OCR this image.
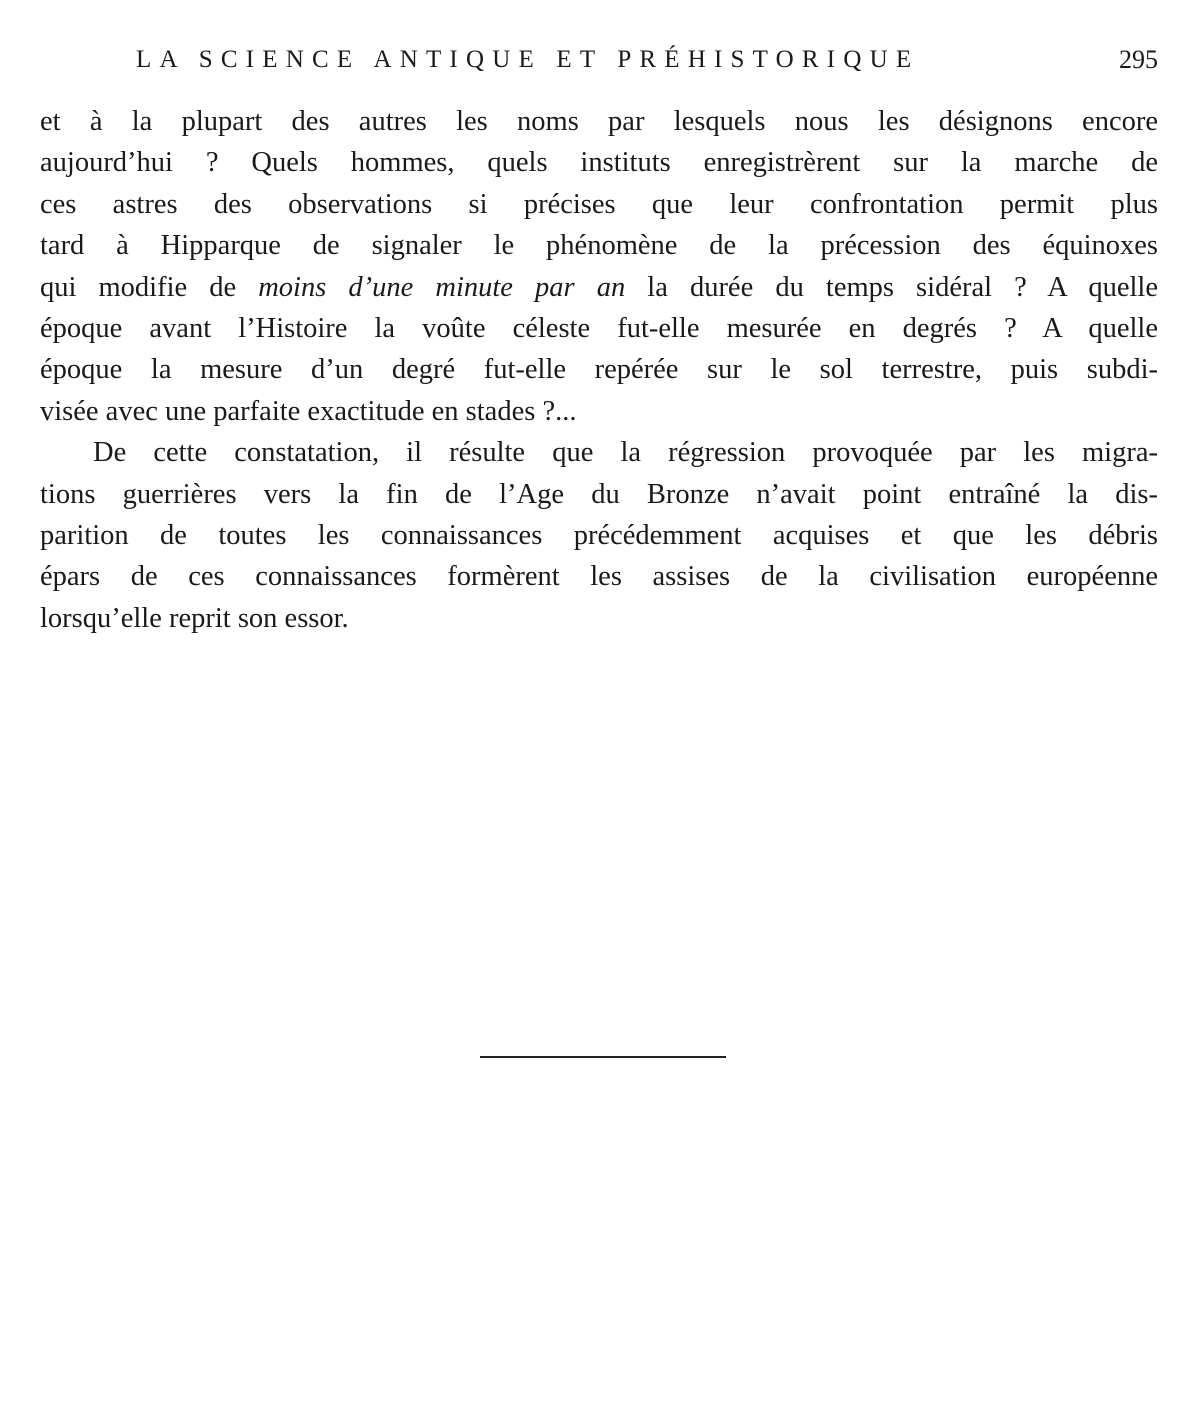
LA SCIENCE ANTIQUE ET PRÉHISTORIQUE	295

et à la plupart des autres les noms par lesquels nous les désignons encore
aujourd’hui ? Quels hommes, quels instituts enregistrèrent sur la marche de
ces astres des observations si précises que leur confrontation permit plus
tard à Hipparque de signaler le phénomène de la précession des équinoxes
qui modifie de moins d’une minute par an la durée du temps sidéral ? A quelle
époque avant l’Histoire la voûte céleste fut-elle mesurée en degrés ? A quelle
époque la mesure d’un degré fut-elle repérée sur le sol terrestre, puis subdi-
visée avec une parfaite exactitude en stades ?...

De cette constatation, il résulte que la régression provoquée par les migra-
tions guerrières vers la fin de l’Age du Bronze n’avait point entraîné la dis-
parition de toutes les connaissances précédemment acquises et que les débris
épars de ces connaissances formèrent les assises de la civilisation européenne
lorsqu’elle reprit son essor.
